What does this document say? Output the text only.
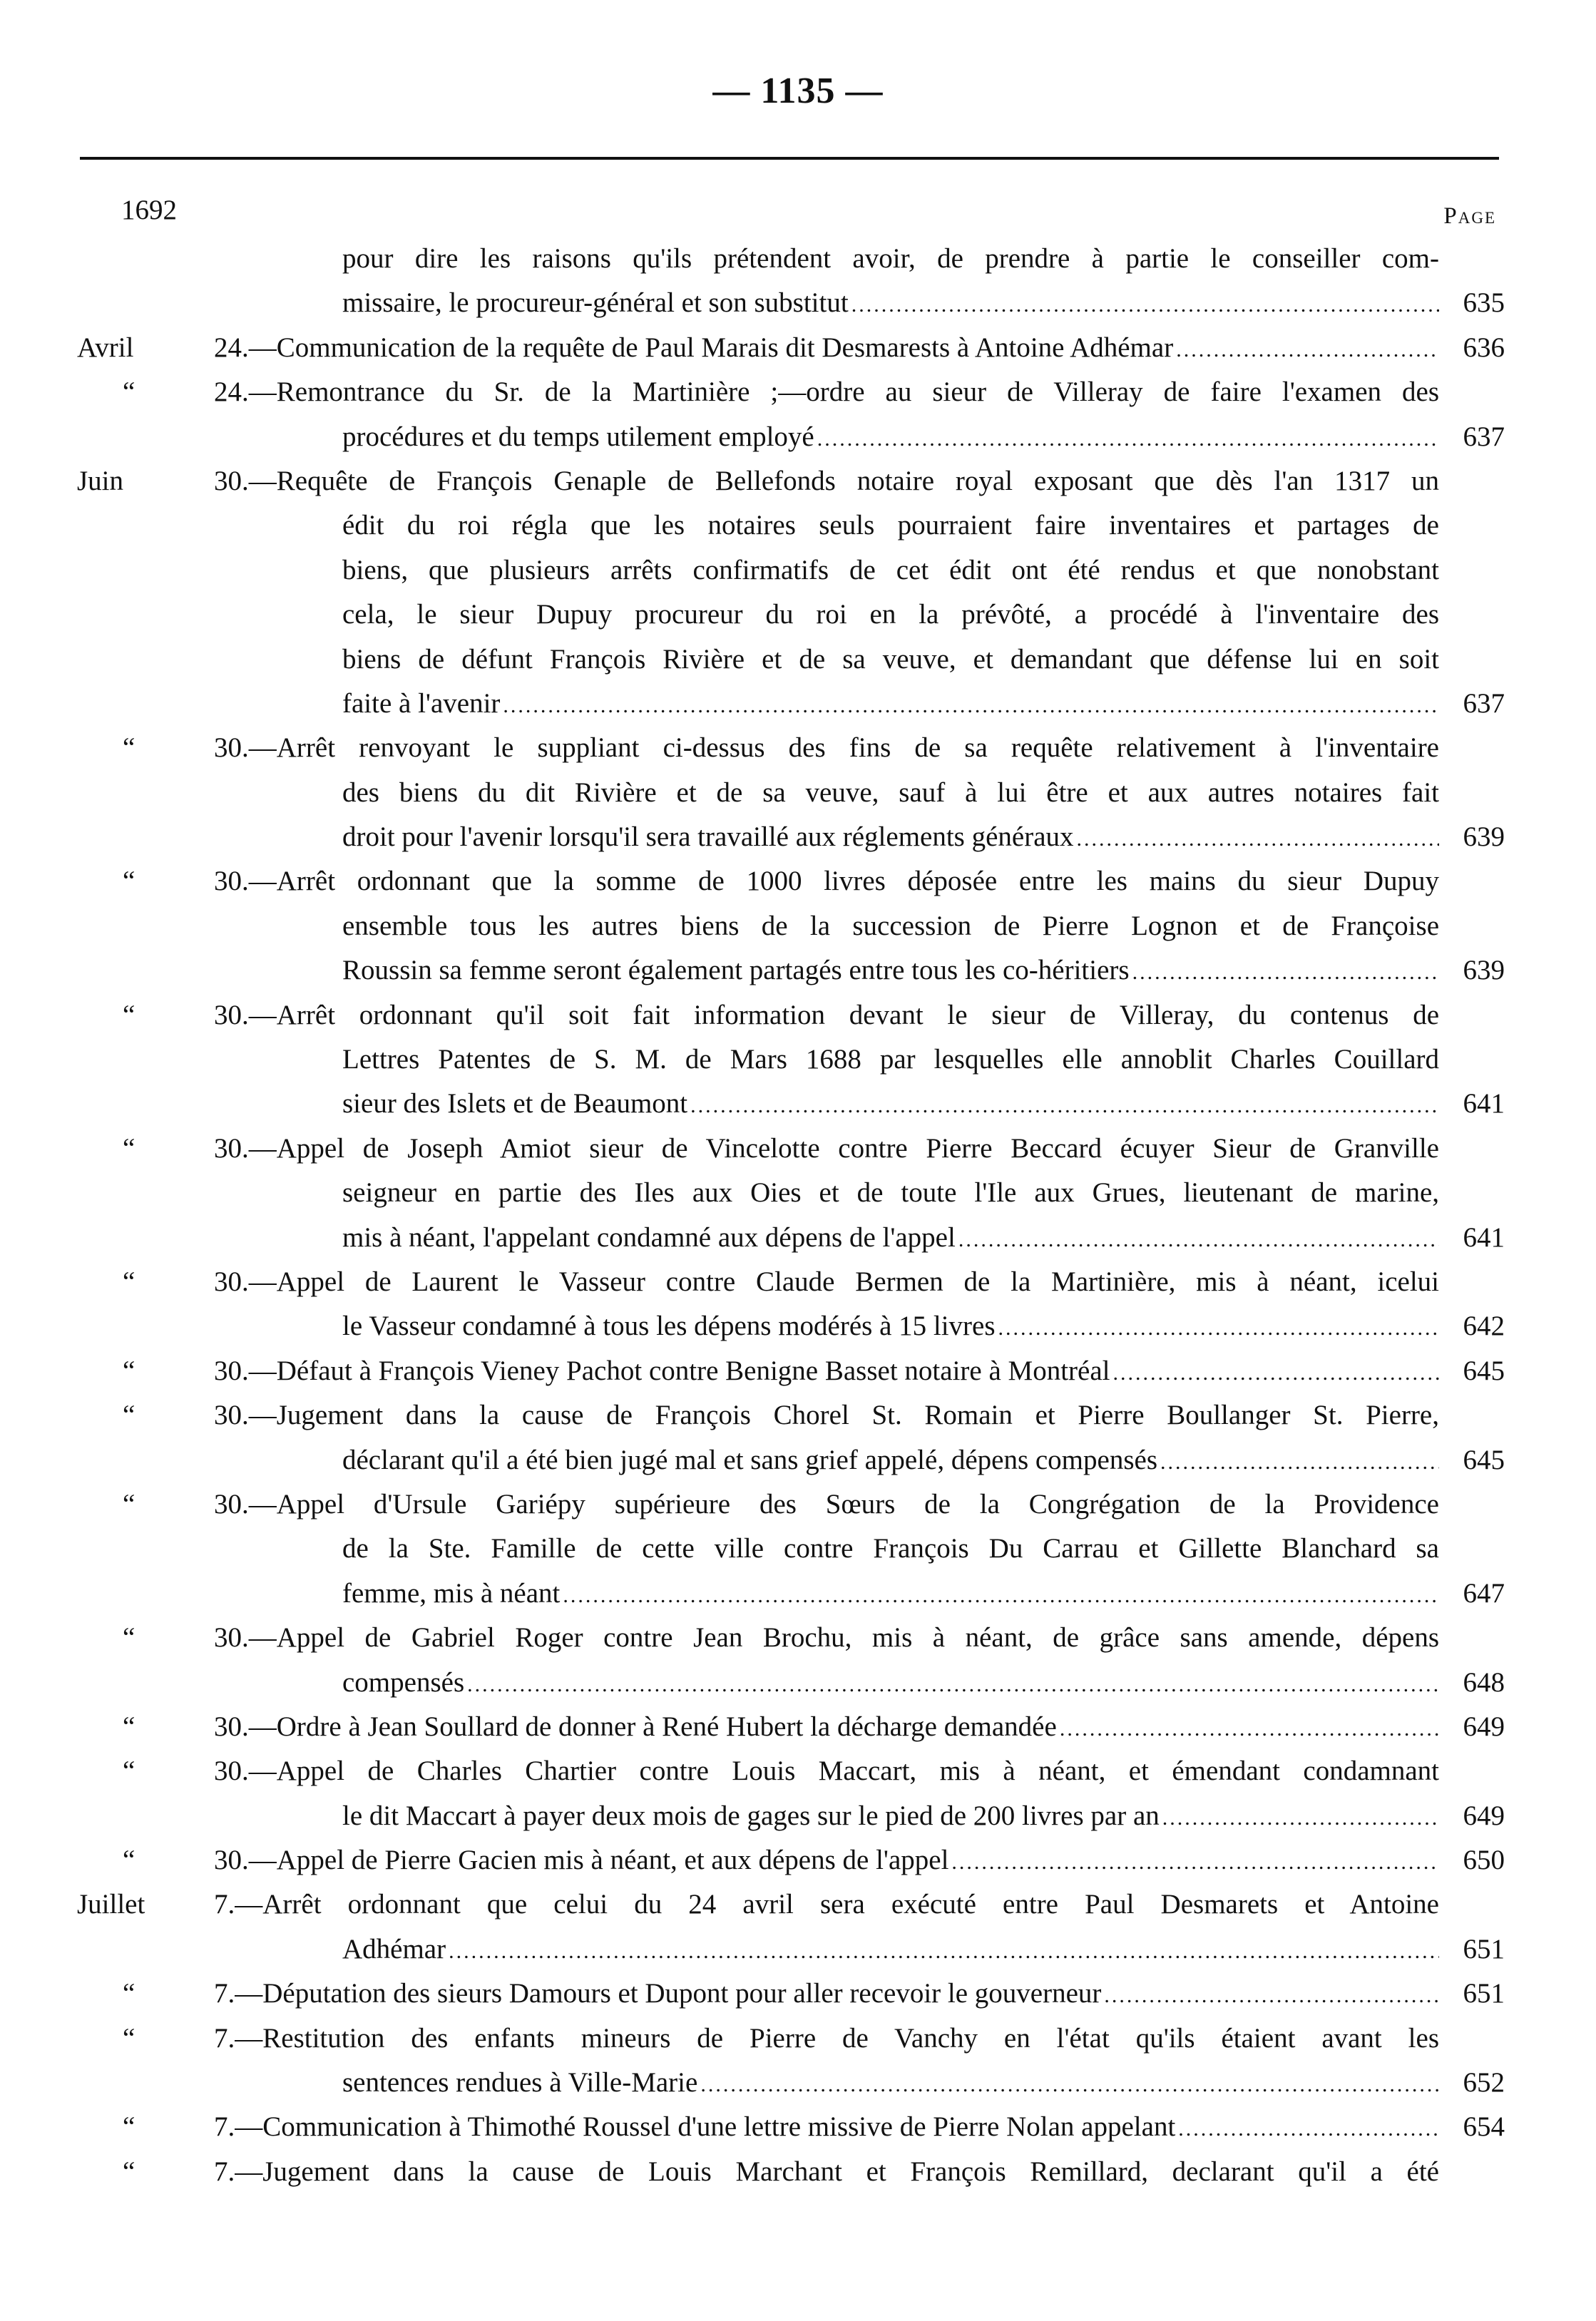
— 1135 —
1692	Page
pour dire les raisons qu'ils prétendent avoir, de prendre à partie le conseiller com-
missaire, le procureur-général et son substitut .....	635
Avril	24.—Communication de la requête de Paul Marais dit Desmarests à Antoine Adhémar .....	636
“	24.—Remontrance du Sr. de la Martinière ;—ordre au sieur de Villeray de faire l'examen des
procédures et du temps utilement employé .....	637
Juin	30.—Requête de François Genaple de Bellefonds notaire royal exposant que dès l'an 1317 un
édit du roi régla que les notaires seuls pourraient faire inventaires et partages de
biens, que plusieurs arrêts confirmatifs de cet édit ont été rendus et que nonobstant
cela, le sieur Dupuy procureur du roi en la prévôté, a procédé à l'inventaire des
biens de défunt François Rivière et de sa veuve, et demandant que défense lui en soit
faite à l'avenir .....	637
“	30.—Arrêt renvoyant le suppliant ci-dessus des fins de sa requête relativement à l'inventaire
des biens du dit Rivière et de sa veuve, sauf à lui être et aux autres notaires fait
droit pour l'avenir lorsqu'il sera travaillé aux réglements généraux .....	639
“	30.—Arrêt ordonnant que la somme de 1000 livres déposée entre les mains du sieur Dupuy
ensemble tous les autres biens de la succession de Pierre Lognon et de Françoise
Roussin sa femme seront également partagés entre tous les co-héritiers .....	639
“	30.—Arrêt ordonnant qu'il soit fait information devant le sieur de Villeray, du contenus de
Lettres Patentes de S. M. de Mars 1688 par lesquelles elle annoblit Charles Couillard
sieur des Islets et de Beaumont .....	641
“	30.—Appel de Joseph Amiot sieur de Vincelotte contre Pierre Beccard écuyer Sieur de Granville
seigneur en partie des Iles aux Oies et de toute l'Ile aux Grues, lieutenant de marine,
mis à néant, l'appelant condamné aux dépens de l'appel .....	641
“	30.—Appel de Laurent le Vasseur contre Claude Bermen de la Martinière, mis à néant, icelui
le Vasseur condamné à tous les dépens modérés à 15 livres .....	642
“	30.—Défaut à François Vieney Pachot contre Benigne Basset notaire à Montréal .....	645
“	30.—Jugement dans la cause de François Chorel St. Romain et Pierre Boullanger St. Pierre,
déclarant qu'il a été bien jugé mal et sans grief appelé, dépens compensés .....	645
“	30.—Appel d'Ursule Gariépy supérieure des Sœurs de la Congrégation de la Providence
de la Ste. Famille de cette ville contre François Du Carrau et Gillette Blanchard sa
femme, mis à néant .....	647
“	30.—Appel de Gabriel Roger contre Jean Brochu, mis à néant, de grâce sans amende, dépens
compensés .....	648
“	30.—Ordre à Jean Soullard de donner à René Hubert la décharge demandée .....	649
“	30.—Appel de Charles Chartier contre Louis Maccart, mis à néant, et émendant condamnant
le dit Maccart à payer deux mois de gages sur le pied de 200 livres par an .....	649
“	30.—Appel de Pierre Gacien mis à néant, et aux dépens de l'appel .....	650
Juillet	7.—Arrêt ordonnant que celui du 24 avril sera exécuté entre Paul Desmarets et Antoine
Adhémar .....	651
“	7.—Députation des sieurs Damours et Dupont pour aller recevoir le gouverneur .....	651
“	7.—Restitution des enfants mineurs de Pierre de Vanchy en l'état qu'ils étaient avant les
sentences rendues à Ville-Marie .....	652
“	7.—Communication à Thimothé Roussel d'une lettre missive de Pierre Nolan appelant .....	654
“	7.—Jugement dans la cause de Louis Marchant et François Remillard, declarant qu'il a été
